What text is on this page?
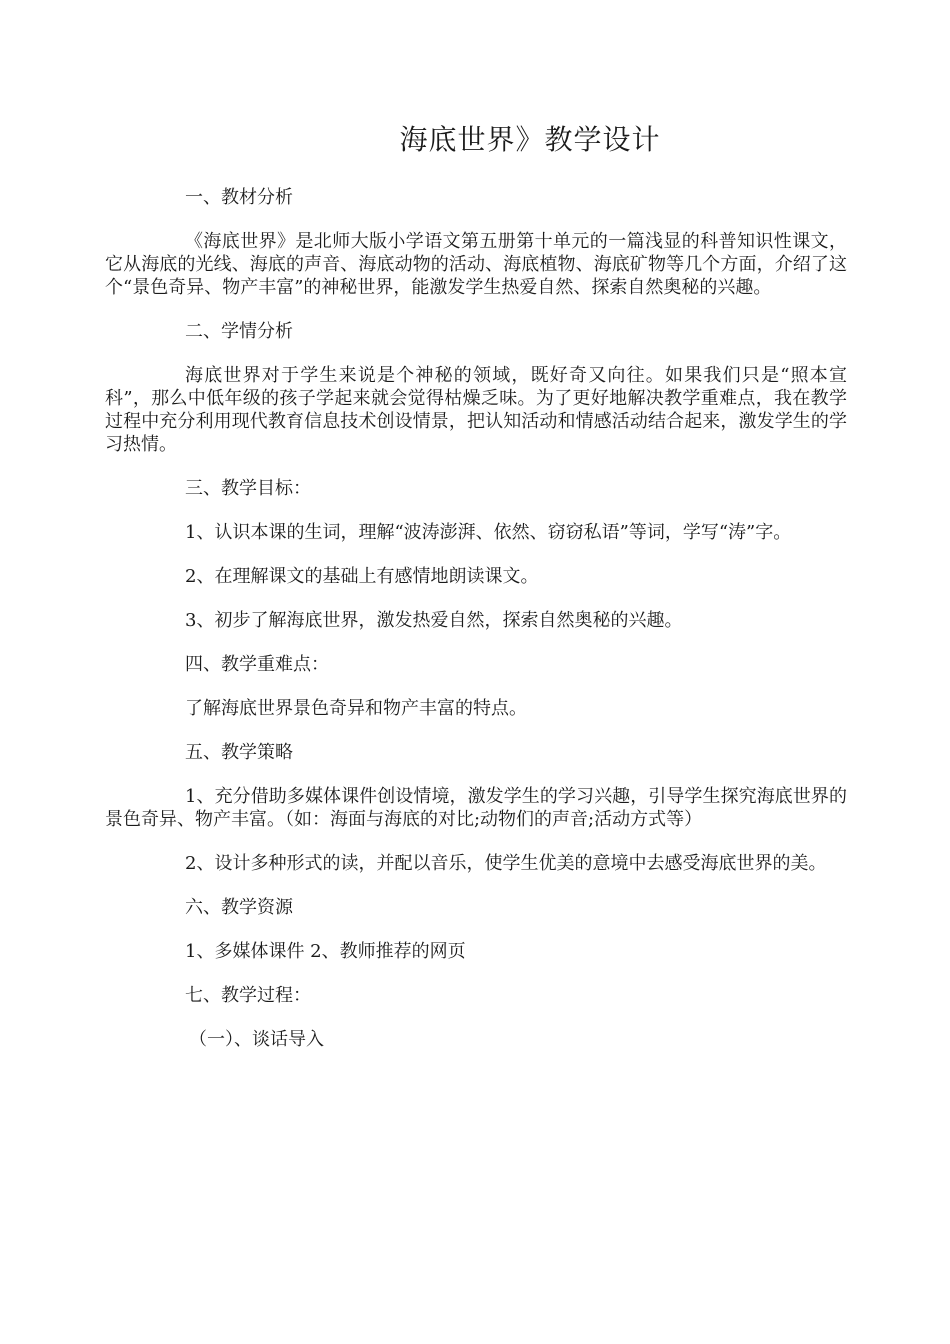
海底世界》教学设计

一、教材分析

《海底世界》是北师大版小学语文第五册第十单元的一篇浅显的科普知识性课文，它从海底的光线、海底的声音、海底动物的活动、海底植物、海底矿物等几个方面，介绍了这个“景色奇异、物产丰富”的神秘世界，能激发学生热爱自然、探索自然奥秘的兴趣。

二、学情分析

海底世界对于学生来说是个神秘的领域，既好奇又向往。如果我们只是“照本宣科”，那么中低年级的孩子学起来就会觉得枯燥乏味。为了更好地解决教学重难点，我在教学过程中充分利用现代教育信息技术创设情景，把认知活动和情感活动结合起来，激发学生的学习热情。

三、教学目标：

1、认识本课的生词，理解“波涛澎湃、依然、窃窃私语”等词，学写“涛”字。

2、在理解课文的基础上有感情地朗读课文。

3、初步了解海底世界，激发热爱自然，探索自然奥秘的兴趣。

四、教学重难点：

了解海底世界景色奇异和物产丰富的特点。

五、教学策略

1、充分借助多媒体课件创设情境，激发学生的学习兴趣，引导学生探究海底世界的景色奇异、物产丰富。（如：海面与海底的对比;动物们的声音;活动方式等）

2、设计多种形式的读，并配以音乐，使学生优美的意境中去感受海底世界的美。

六、教学资源

1、多媒体课件 2、教师推荐的网页

七、教学过程：

（一）、谈话导入
